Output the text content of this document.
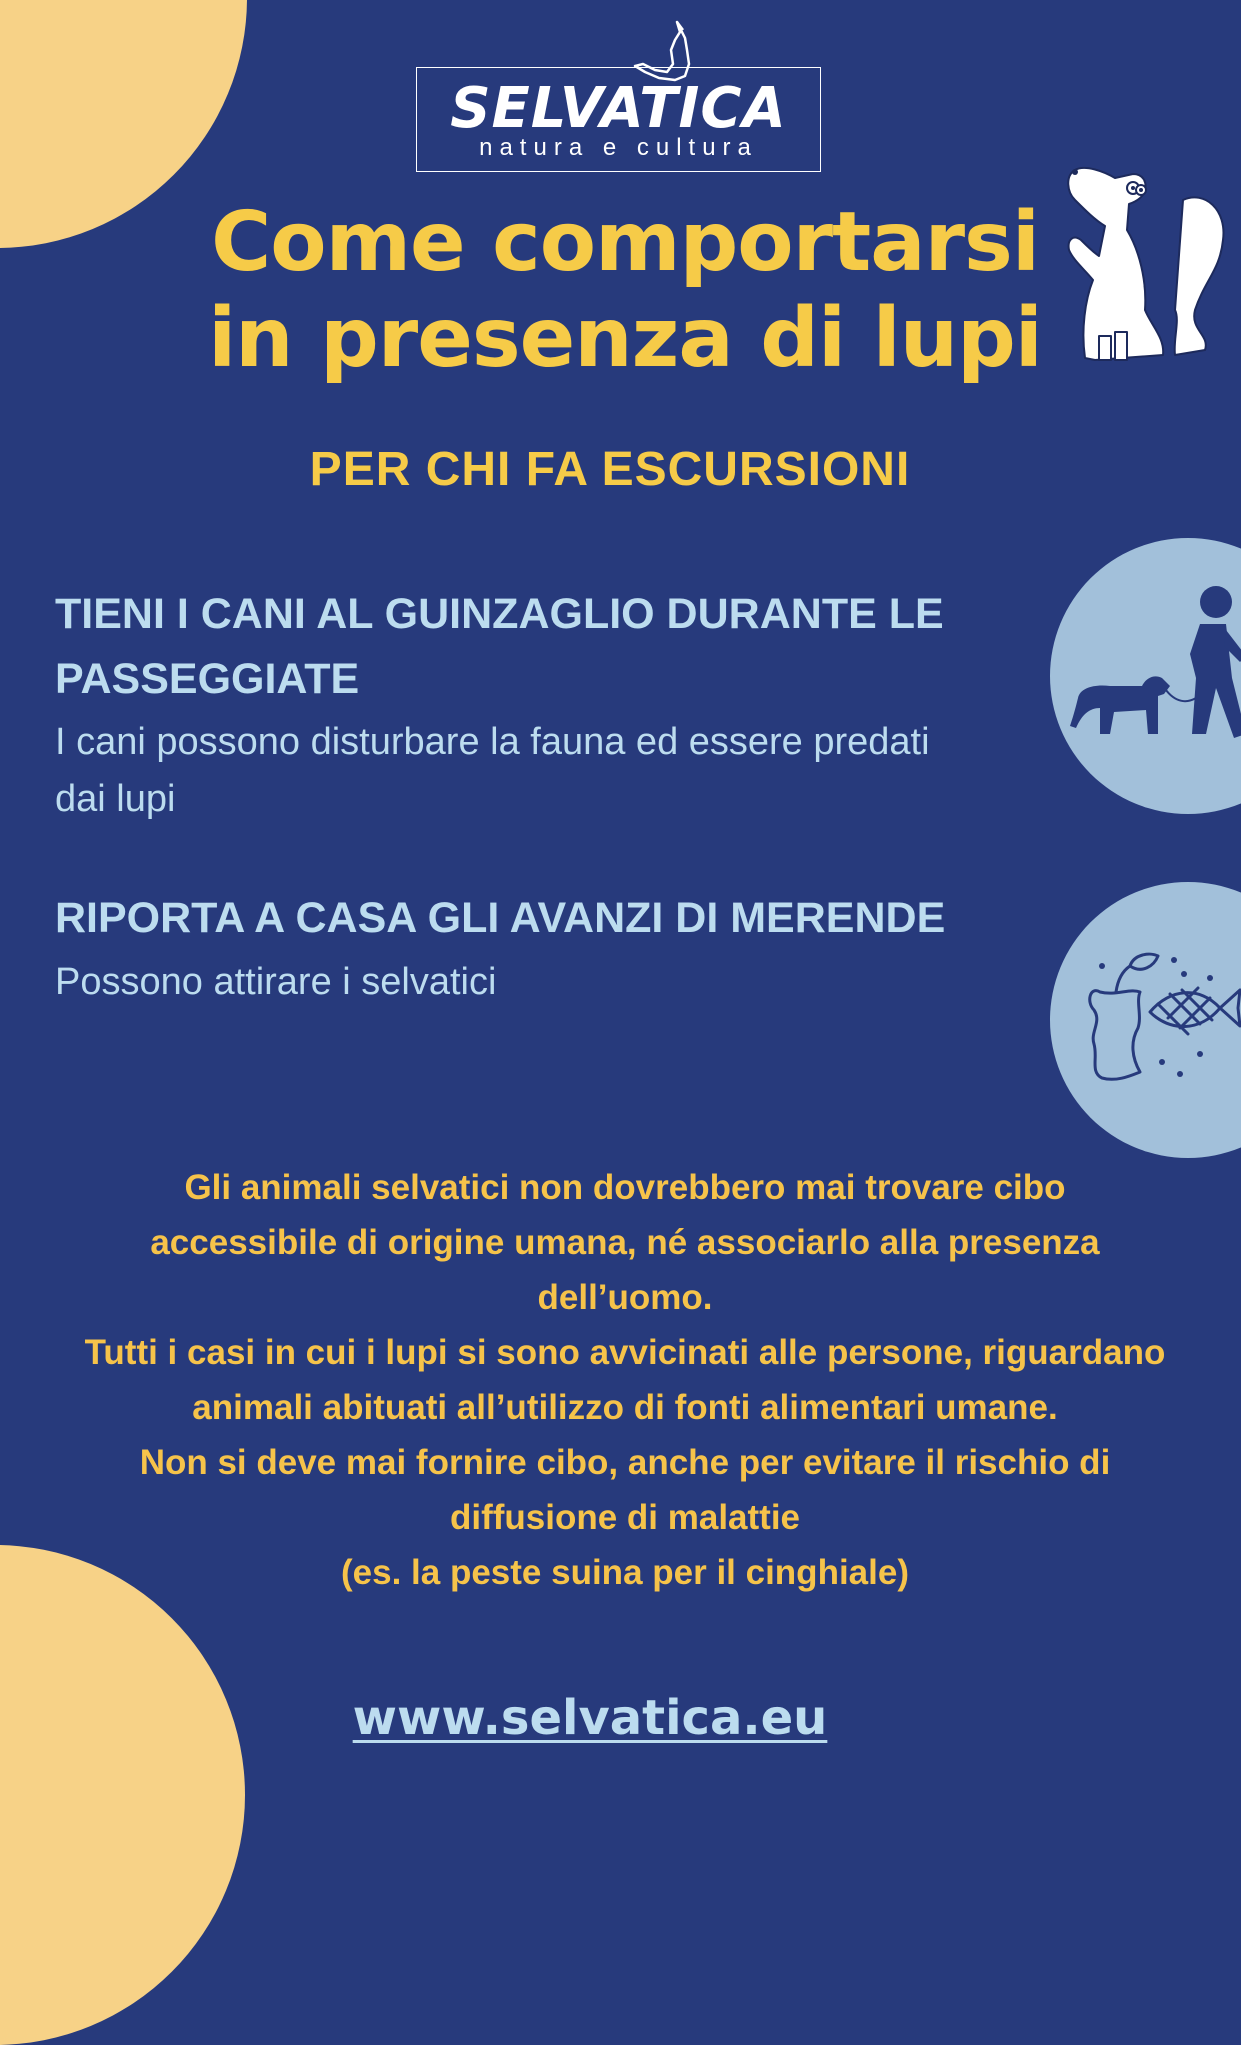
SELVATICA
natura e cultura
Come comportarsi
in presenza di lupi
PER CHI FA ESCURSIONI
TIENI I CANI AL GUINZAGLIO DURANTE LE
PASSEGGIATE
I cani possono disturbare la fauna ed essere predati
dai lupi
RIPORTA A CASA GLI AVANZI DI MERENDE
Possono attirare i selvatici
Gli animali selvatici non dovrebbero mai trovare cibo
accessibile di origine umana, né associarlo alla presenza
dell’uomo.
Tutti i casi in cui i lupi si sono avvicinati alle persone, riguardano
animali abituati all’utilizzo di fonti alimentari umane.
Non si deve mai fornire cibo, anche per evitare il rischio di
diffusione di malattie
(es. la peste suina per il cinghiale)
www.selvatica.eu
